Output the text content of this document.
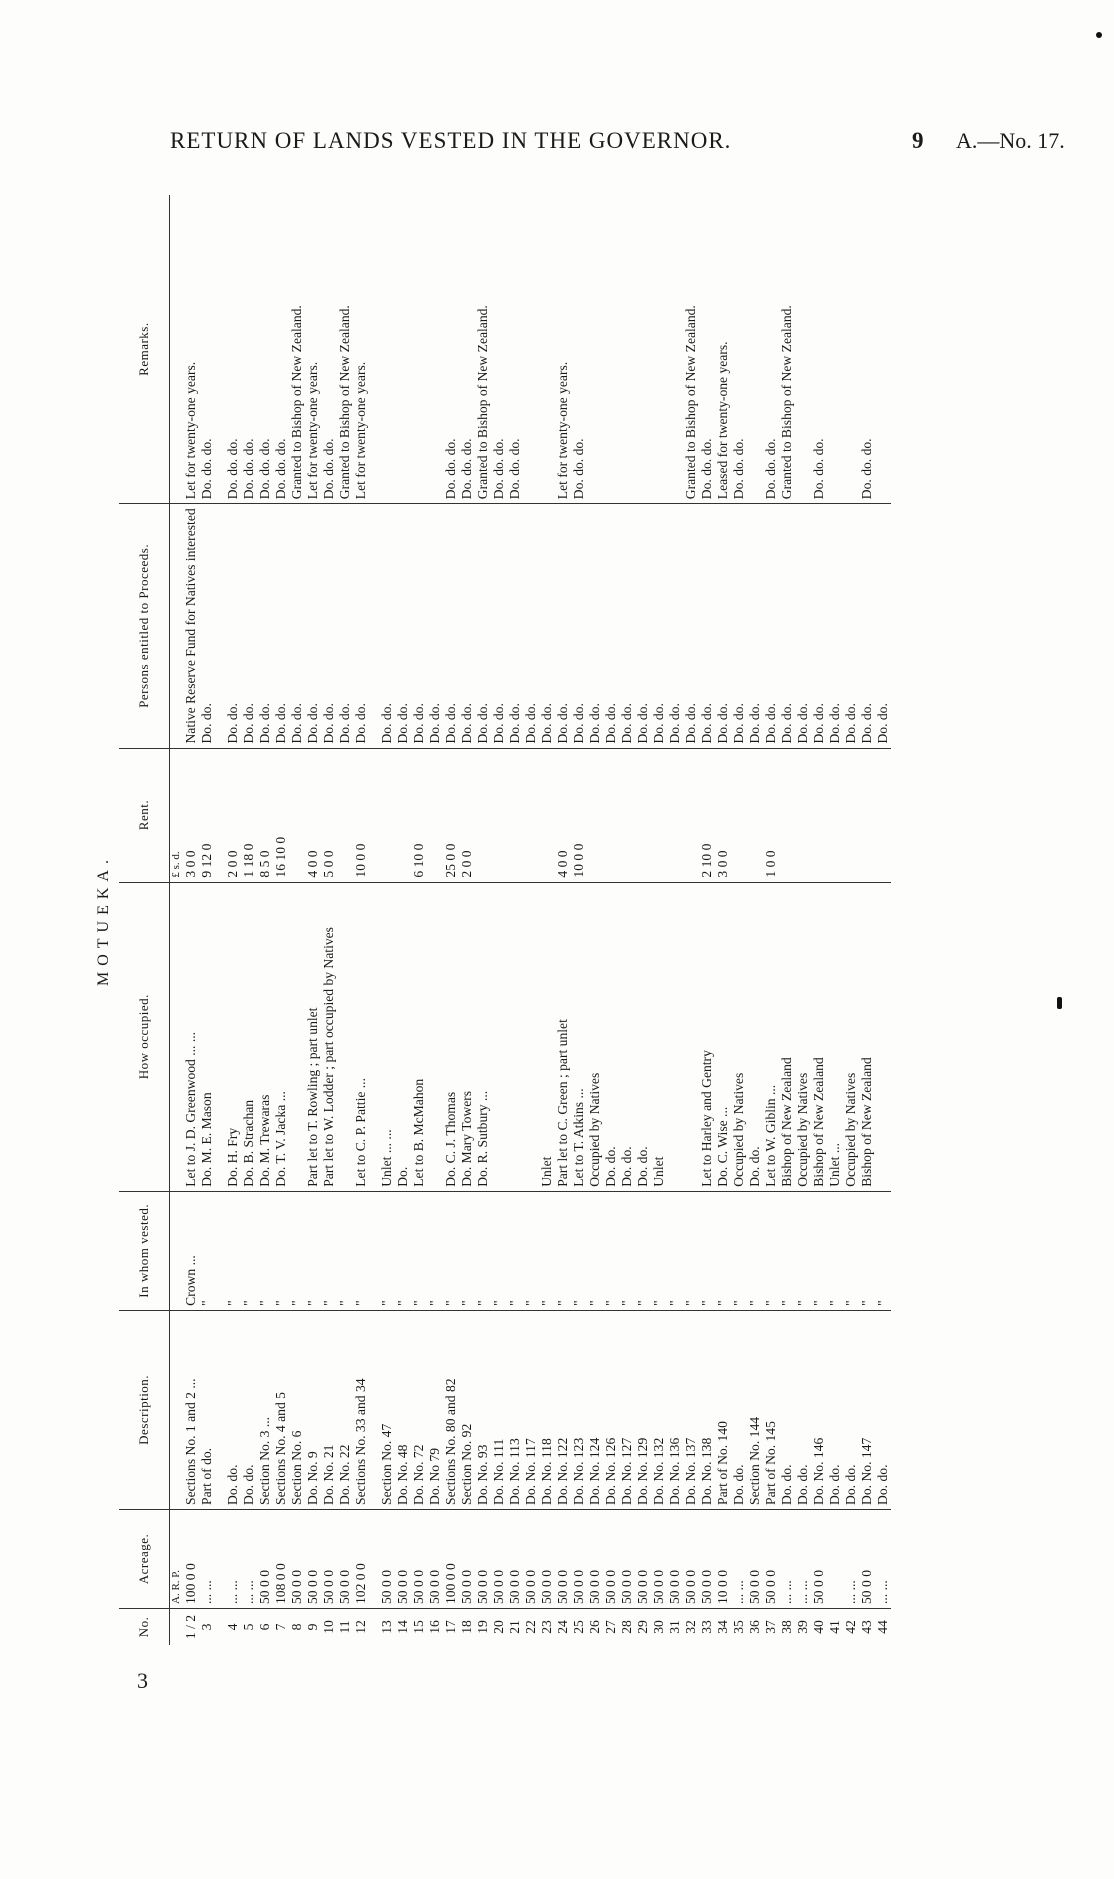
RETURN OF LANDS VESTED IN THE GOVERNOR.	9 A.—No. 17.
3
MOTUEKA.
No.	Acreage.	Description.	In whom vested.	How occupied.	Rent.	Persons entitled to Proceeds.	Remarks.
	A. R. P.				£ s. d.		
1 / 2	100 0 0	Sections No. 1 and 2 ...	Crown ...	Let to J. D. Greenwood ... ...	3 0 0	Native Reserve Fund for Natives interested	Let for twenty-one years.
3	... ...	Part of do.	"	Do. M. E. Mason	9 12 0	Do. do.	Do. do. do.

4	... ...	Do. do.	"	Do. H. Fry	2 0 0	Do. do.	Do. do. do.
5	... ...	Do. do.	"	Do. B. Strachan	1 18 0	Do. do.	Do. do. do.
6	50 0 0	Section No. 3 ...	"	Do. M. Trewaras	8 5 0	Do. do.	Do. do. do.
7	108 0 0	Sections No. 4 and 5	"	Do. T. V. Jacka ...	16 10 0	Do. do.	Do. do. do.
8	50 0 0	Section No. 6	"			Do. do.	Granted to Bishop of New Zealand.
9	50 0 0	Do. No. 9	"	Part let to T. Rowling ; part unlet	4 0 0	Do. do.	Let for twenty-one years.
10	50 0 0	Do. No. 21	"	Part let to W. Lodder ; part occupied by Natives	5 0 0	Do. do.	Do. do. do.
11	50 0 0	Do. No. 22	"			Do. do.	Granted to Bishop of New Zealand.
12	102 0 0	Sections No. 33 and 34	"	Let to C. P. Pattie ...	10 0 0	Do. do.	Let for twenty-one years.

13	50 0 0	Section No. 47	"	Unlet ... ...		Do. do.	
14	50 0 0	Do. No. 48	"	Do.		Do. do.	
15	50 0 0	Do. No. 72	"	Let to B. McMahon	6 10 0	Do. do.	
16	50 0 0	Do. No 79	"			Do. do.	
17	100 0 0	Sections No. 80 and 82	"	Do. C. J. Thomas	25 0 0	Do. do.	Do. do. do.
18	50 0 0	Section No. 92	"	Do. Mary Towers	2 0 0	Do. do.	Do. do. do.
19	50 0 0	Do. No. 93	"	Do. R. Sutbury ...		Do. do.	Granted to Bishop of New Zealand.
20	50 0 0	Do. No. 111	"			Do. do.	Do. do. do.
21	50 0 0	Do. No. 113	"			Do. do.	Do. do. do.
22	50 0 0	Do. No. 117	"			Do. do.	
23	50 0 0	Do. No. 118	"	Unlet		Do. do.	
24	50 0 0	Do. No. 122	"	Part let to C. Green ; part unlet	4 0 0	Do. do.	Let for twenty-one years.
25	50 0 0	Do. No. 123	"	Let to T. Atkins ...	10 0 0	Do. do.	Do. do. do.
26	50 0 0	Do. No. 124	"	Occupied by Natives		Do. do.	
27	50 0 0	Do. No. 126	"	Do. do.		Do. do.	
28	50 0 0	Do. No. 127	"	Do. do.		Do. do.	
29	50 0 0	Do. No. 129	"	Do. do.		Do. do.	
30	50 0 0	Do. No. 132	"	Unlet		Do. do.	
31	50 0 0	Do. No. 136	"			Do. do.	
32	50 0 0	Do. No. 137	"			Do. do.	Granted to Bishop of New Zealand.
33	50 0 0	Do. No. 138	"	Let to Harley and Gentry	2 10 0	Do. do.	Do. do. do.
34	10 0 0	Part of No. 140	"	Do. C. Wise ...	3 0 0	Do. do.	Leased for twenty-one years.
35	... ...	Do. do.	"	Occupied by Natives		Do. do.	Do. do. do.
36	50 0 0	Section No. 144	"	Do. do.		Do. do.	
37	50 0 0	Part of No. 145	"	Let to W. Giblin ...	1 0 0	Do. do.	Do. do. do.
38	... ...	Do. do.	"	Bishop of New Zealand		Do. do.	Granted to Bishop of New Zealand.
39	... ...	Do. do.	"	Occupied by Natives		Do. do.	
40	50 0 0	Do. No. 146	"	Bishop of New Zealand		Do. do.	Do. do. do.
41		Do. do.	"	Unlet ...		Do. do.	
42	... ...	Do. do.	"	Occupied by Natives		Do. do.	
43	50 0 0	Do. No. 147	"	Bishop of New Zealand		Do. do.	Do. do. do.
44	... ...	Do. do.	"			Do. do.	
